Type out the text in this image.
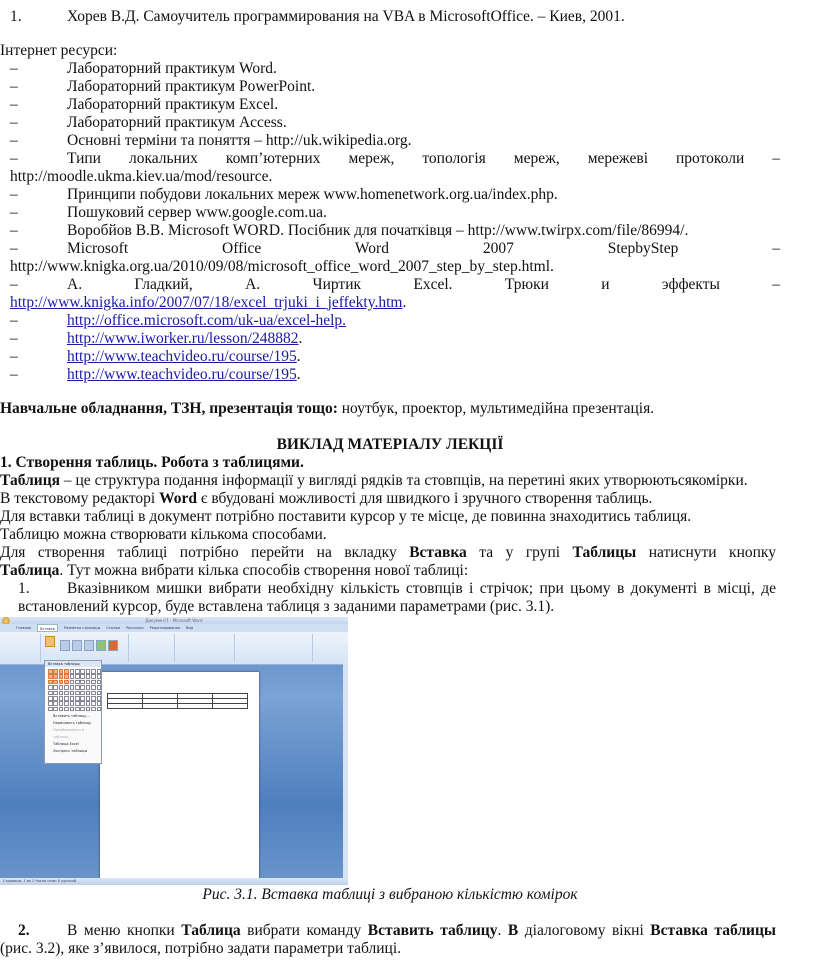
1.	Хорев В.Д. Самоучитель программирования на VBA в MicrosoftOffice. – Киев, 2001.
Інтернет ресурси:
–	Лабораторний практикум Word.
–	Лабораторний практикум PowerPoint.
–	Лабораторний практикум Excel.
–	Лабораторний практикум Access.
–	Основні терміни та поняття – http://uk.wikipedia.org.
–	Типи локальних комп’ютерних мереж, топологія мереж, мережеві протоколи –
http://moodle.ukma.kiev.ua/mod/resource.
–	Принципи побудови локальних мереж www.homenetwork.org.ua/index.php.
–	Пошуковий сервер www.google.com.ua.
–	Воробйов В.В. Microsoft WORD. Посібник для початківця – http://www.twirpx.com/file/86994/.
–	Microsoft Office Word 2007 StepbyStep –
http://www.knigka.org.ua/2010/09/08/microsoft_office_word_2007_step_by_step.html.
–	А. Гладкий, А. Чиртик Excel. Трюки и эффекты –
http://www.knigka.info/2007/07/18/excel_trjuki_i_jeffekty.htm.
–	http://office.microsoft.com/uk-ua/excel-help.
–	http://www.iworker.ru/lesson/248882.
–	http://www.teachvideo.ru/course/195.
–	http://www.teachvideo.ru/course/195.
Навчальне обладнання, ТЗН, презентація тощо: ноутбук, проектор, мультимедійна презентація.
ВИКЛАД МАТЕРІАЛУ ЛЕКЦІЇ
1. Створення таблиць. Робота з таблицями.
Таблиця – це структура подання інформації у вигляді рядків та стовпців, на перетині яких утворюютьсякомірки.
В текстовому редакторі Word є вбудовані можливості для швидкого і зручного створення таблиць.
Для вставки таблиці в документ потрібно поставити курсор у те місце, де повинна знаходитись таблиця.
Таблицю можна створювати кількома способами.
Для створення таблиці потрібно перейти на вкладку Вставка та у групі Таблицы натиснути кнопку
Таблица. Тут можна вибрати кілька способів створення нової таблиці:
1. Вказівником мишки вибрати необхідну кількість стовпців і стрічок; при цьому в документі в місці, де
встановлений курсор, буде вставлена таблиця з заданими параметрами (рис. 3.1).
Документ1 - Microsoft Word
Главная	Вставка	Разметка страницы Ссылки Рассылки Рецензирование Вид

Вставка таблицы
Вставить таблицу...
Нарисовать таблицу
Преобразовать в таблицу...
Таблица Excel
Экспресс-таблицы
Страница: 1 из 1 Число слов: 0 русский
Рис. 3.1. Вставка таблиці з вибраною кількістю комірок
2. В меню кнопки Таблица вибрати команду Вставить таблицу. В діалоговому вікні Вставка таблицы
(рис. 3.2), яке з’явилося, потрібно задати параметри таблиці.
